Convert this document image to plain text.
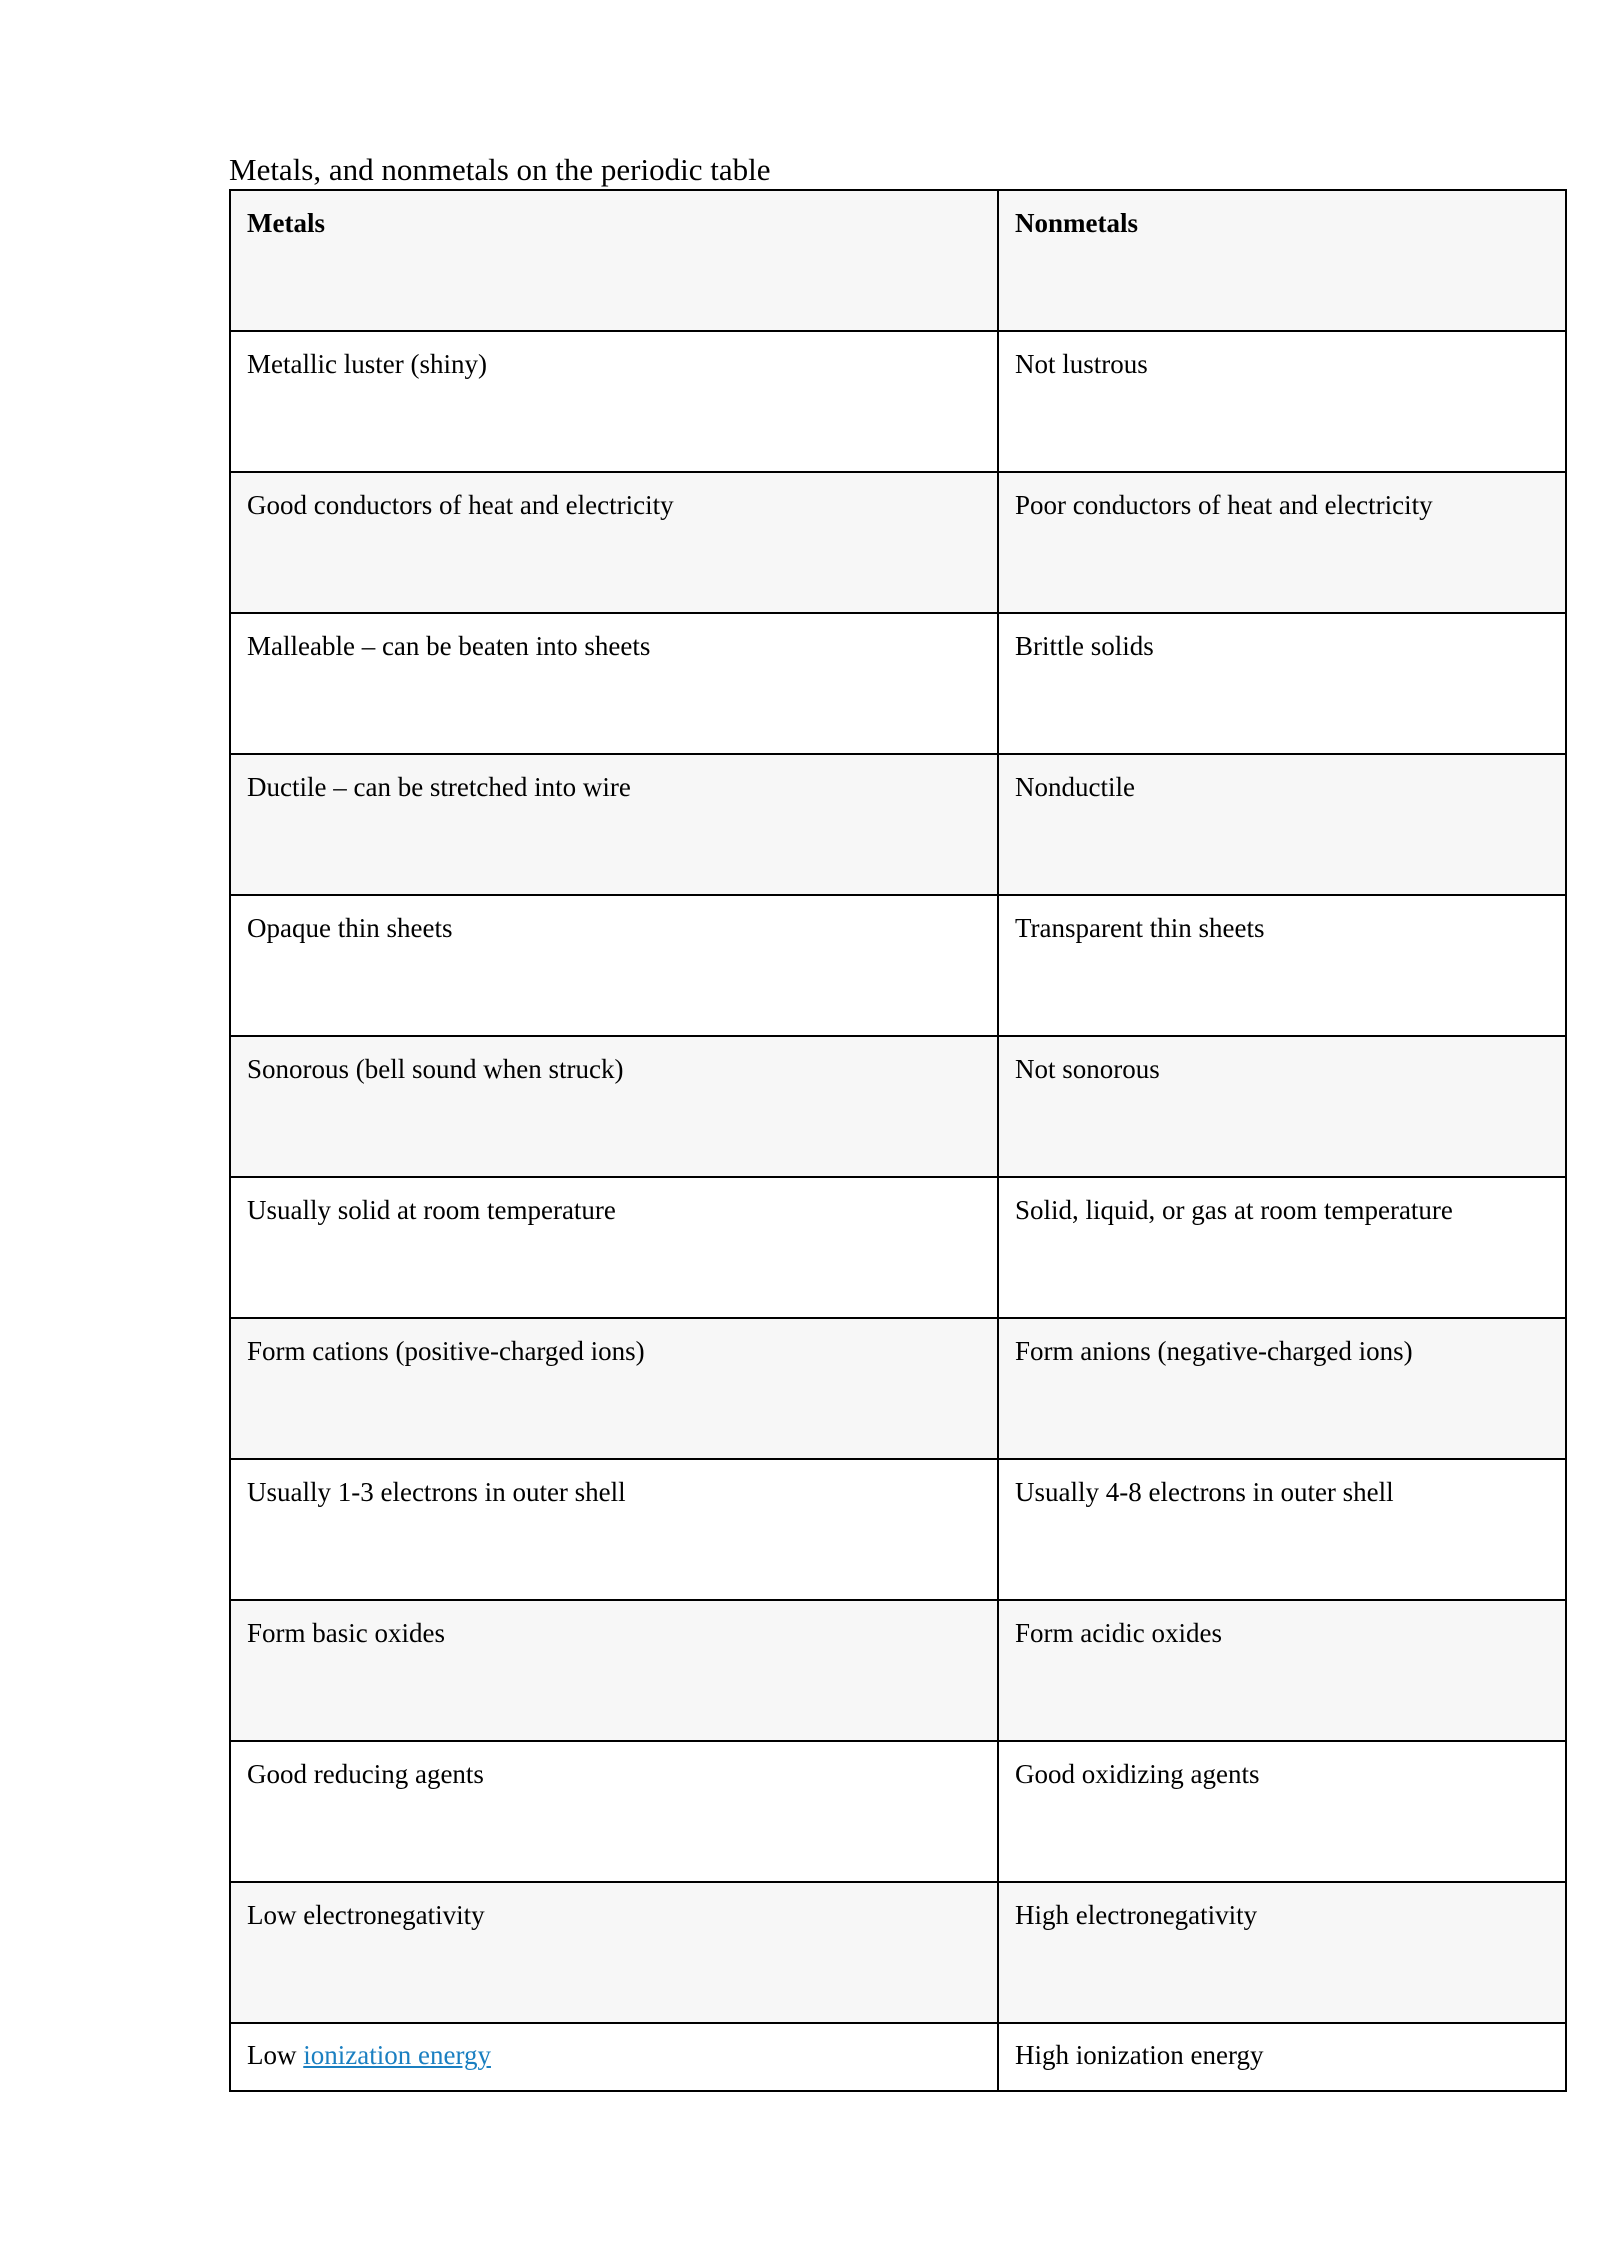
Metals, and nonmetals on the periodic table
Metals	Nonmetals
Metallic luster (shiny)	Not lustrous
Good conductors of heat and electricity	Poor conductors of heat and electricity
Malleable – can be beaten into sheets	Brittle solids
Ductile – can be stretched into wire	Nonductile
Opaque thin sheets	Transparent thin sheets
Sonorous (bell sound when struck)	Not sonorous
Usually solid at room temperature	Solid, liquid, or gas at room temperature
Form cations (positive-charged ions)	Form anions (negative-charged ions)
Usually 1-3 electrons in outer shell	Usually 4-8 electrons in outer shell
Form basic oxides	Form acidic oxides
Good reducing agents	Good oxidizing agents
Low electronegativity	High electronegativity
Low ionization energy	High ionization energy
